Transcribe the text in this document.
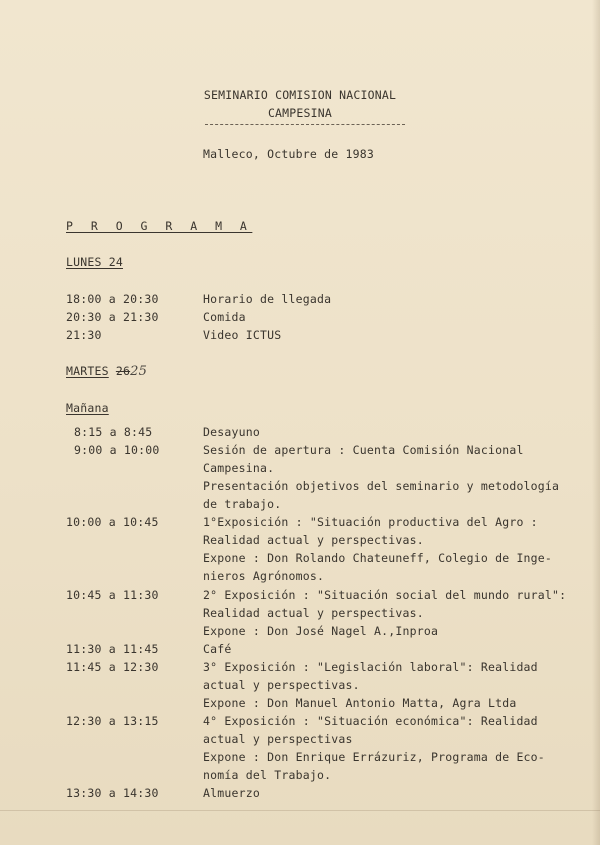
SEMINARIO COMISION NACIONAL
CAMPESINA
Malleco, Octubre de 1983
P R O G R A M A
LUNES 24
18:00 a 20:30	Horario de llegada
20:30 a 21:30	Comida
21:30	Video ICTUS
MARTES 2625
Mañana
8:15 a 8:45	Desayuno
9:00 a 10:00	Sesión de apertura : Cuenta Comisión Nacional
Campesina.
Presentación objetivos del seminario y metodología
de trabajo.
10:00 a 10:45	1°Exposición : "Situación productiva del Agro :
Realidad actual y perspectivas.
Expone : Don Rolando Chateuneff, Colegio de Inge-
nieros Agrónomos.
10:45 a 11:30	2° Exposición : "Situación social del mundo rural":
Realidad actual y perspectivas.
Expone : Don José Nagel A.,Inproa
11:30 a 11:45	Café
11:45 a 12:30	3° Exposición : "Legislación laboral": Realidad
actual y perspectivas.
Expone : Don Manuel Antonio Matta, Agra Ltda
12:30 a 13:15	4° Exposición : "Situación económica": Realidad
actual y perspectivas
Expone : Don Enrique Errázuriz, Programa de Eco-
nomía del Trabajo.
13:30 a 14:30	Almuerzo
